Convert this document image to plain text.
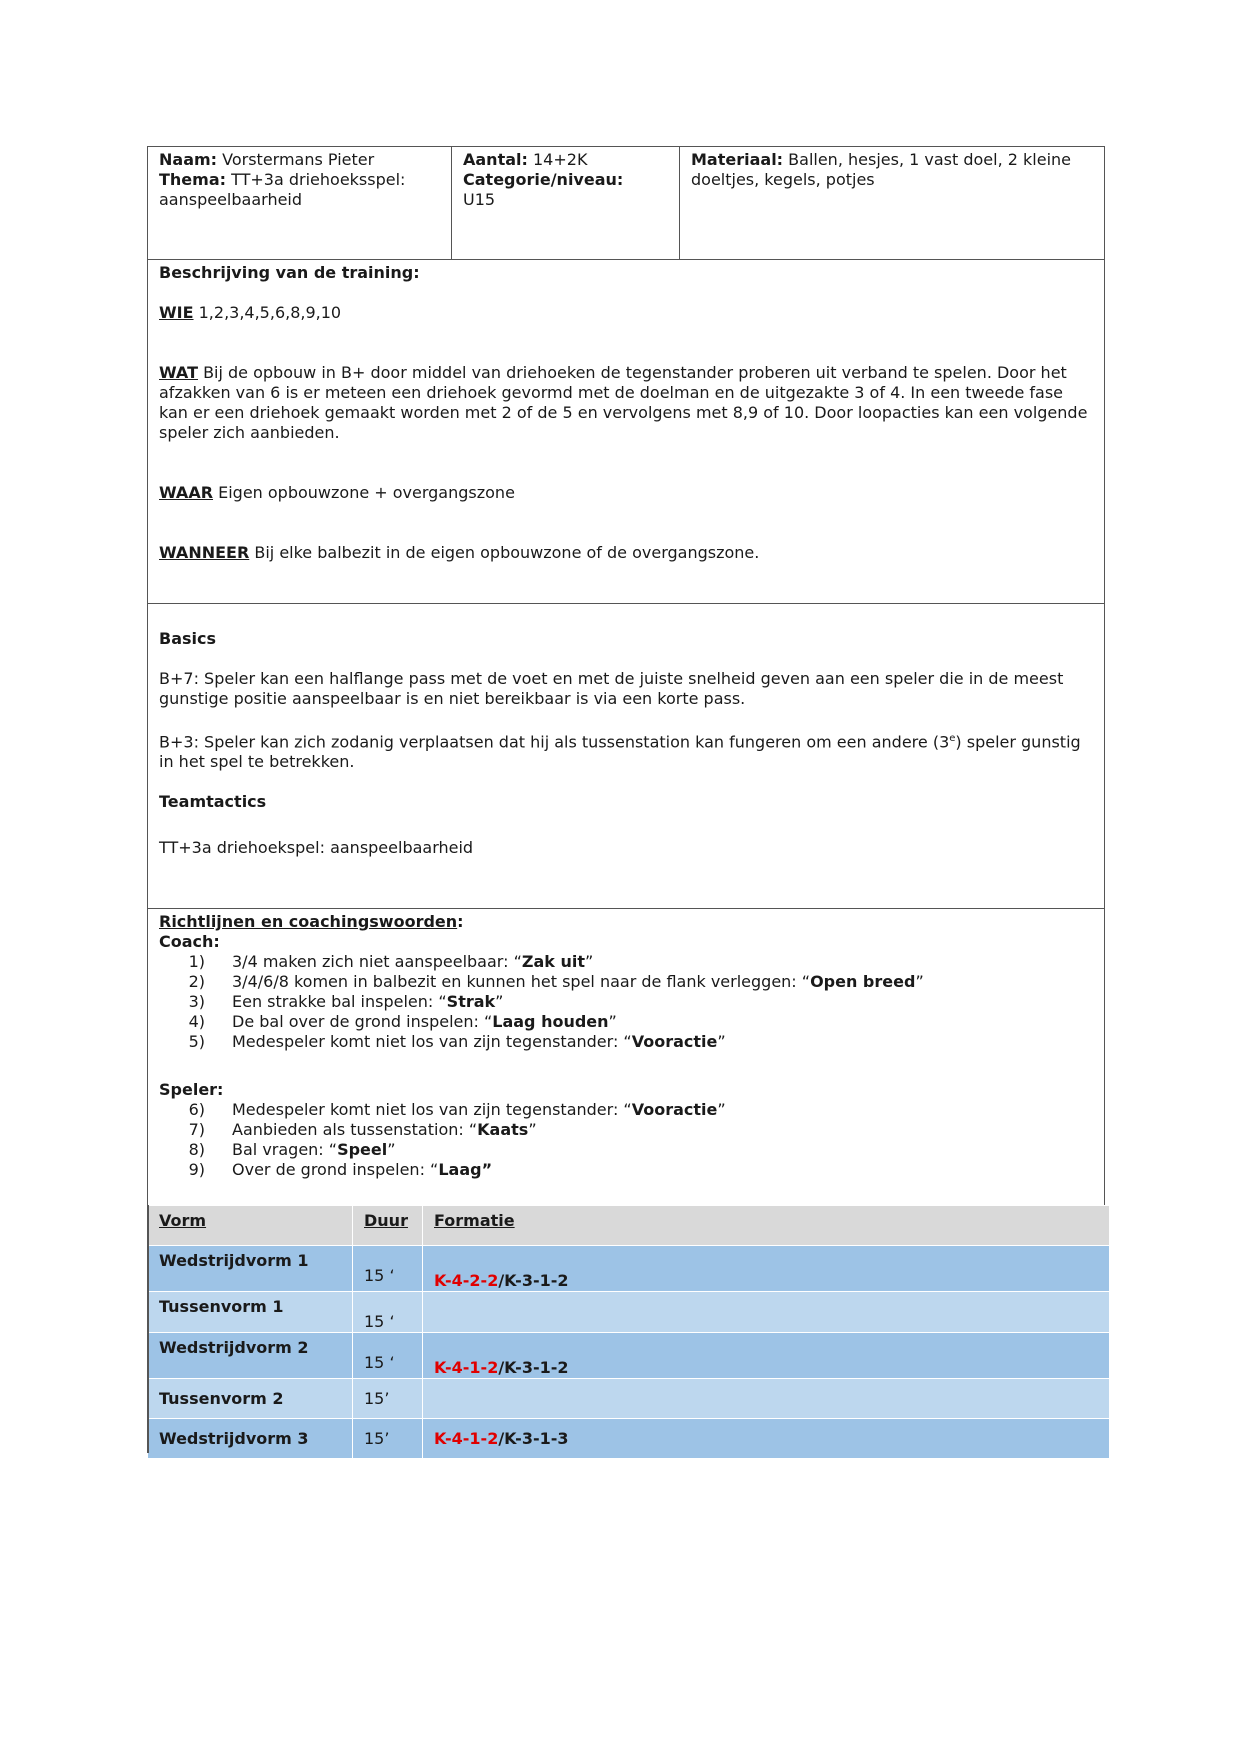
Naam: Vorstermans Pieter
Thema: TT+3a driehoeksspel: aanspeelbaarheid
Aantal: 14+2K
Categorie/niveau:
U15
Materiaal: Ballen, hesjes, 1 vast doel, 2 kleine doeltjes, kegels, potjes
Beschrijving van de training:
WIE 1,2,3,4,5,6,8,9,10
WAT Bij de opbouw in B+ door middel van driehoeken de tegenstander proberen uit verband te spelen. Door het afzakken van 6 is er meteen een driehoek gevormd met de doelman en de uitgezakte 3 of 4. In een tweede fase kan er een driehoek gemaakt worden met 2 of de 5 en vervolgens met 8,9 of 10. Door loopacties kan een volgende speler zich aanbieden.
WAAR Eigen opbouwzone + overgangszone
WANNEER Bij elke balbezit in de eigen opbouwzone of de overgangszone.
Basics

B+7: Speler kan een halflange pass met de voet en met de juiste snelheid geven aan een speler die in de meest gunstige positie aanspeelbaar is en niet bereikbaar is via een korte pass.

B+3: Speler kan zich zodanig verplaatsen dat hij als tussenstation kan fungeren om een andere (3e) speler gunstig in het spel te betrekken.

Teamtactics
TT+3a driehoekspel: aanspeelbaarheid
Richtlijnen en coachingswoorden:
Coach:
1)	3/4 maken zich niet aanspeelbaar: “Zak uit”
2)	3/4/6/8 komen in balbezit en kunnen het spel naar de flank verleggen: “Open breed”
3)	Een strakke bal inspelen: “Strak”
4)	De bal over de grond inspelen: “Laag houden”
5)	Medespeler komt niet los van zijn tegenstander: “Vooractie”
Speler:
6)	Medespeler komt niet los van zijn tegenstander: “Vooractie”
7)	Aanbieden als tussenstation: “Kaats”
8)	Bal vragen: “Speel”
9)	Over de grond inspelen: “Laag”
Vorm	Duur	Formatie
Wedstrijdvorm 1	15 ‘	K-4-2-2/K-3-1-2
Tussenvorm 1	15 ‘	
Wedstrijdvorm 2	15 ‘	K-4-1-2/K-3-1-2
Tussenvorm 2	15’	
Wedstrijdvorm 3	15’	K-4-1-2/K-3-1-3
